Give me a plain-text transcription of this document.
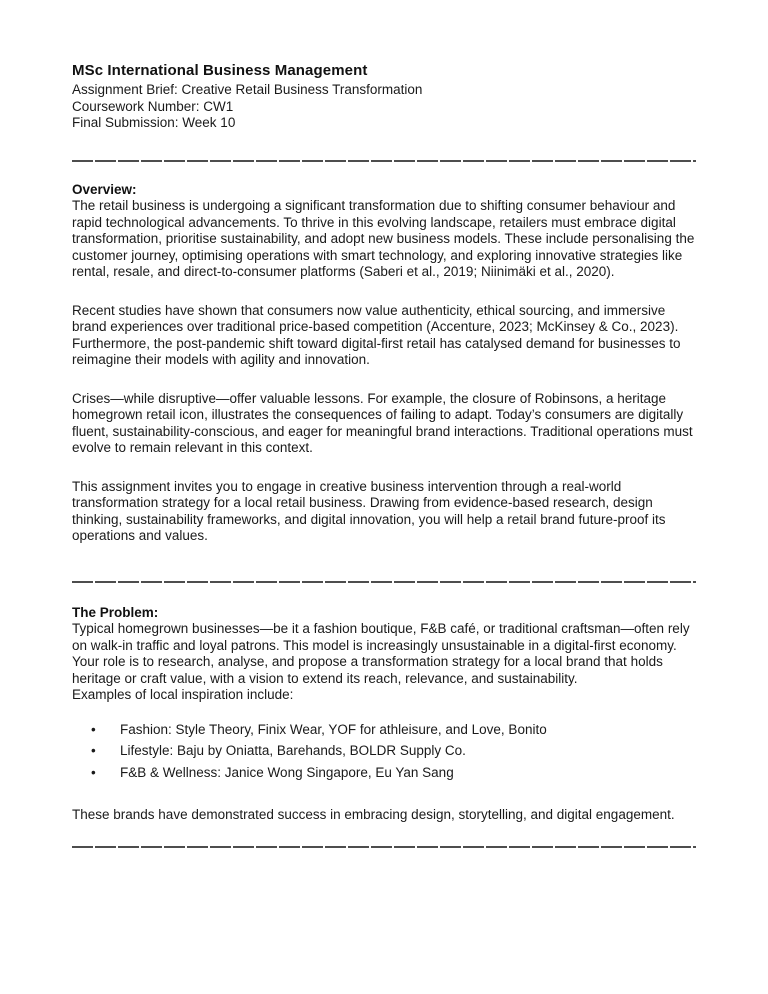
MSc International Business Management

Assignment Brief: Creative Retail Business Transformation

Coursework Number: CW1

Final Submission: Week 10

Overview:

The retail business is undergoing a significant transformation due to shifting consumer behaviour and rapid technological advancements. To thrive in this evolving landscape, retailers must embrace digital transformation, prioritise sustainability, and adopt new business models. These include personalising the customer journey, optimising operations with smart technology, and exploring innovative strategies like rental, resale, and direct-to-consumer platforms (Saberi et al., 2019; Niinimäki et al., 2020).

Recent studies have shown that consumers now value authenticity, ethical sourcing, and immersive brand experiences over traditional price-based competition (Accenture, 2023; McKinsey & Co., 2023). Furthermore, the post-pandemic shift toward digital-first retail has catalysed demand for businesses to reimagine their models with agility and innovation.

Crises—while disruptive—offer valuable lessons. For example, the closure of Robinsons, a heritage homegrown retail icon, illustrates the consequences of failing to adapt. Today’s consumers are digitally fluent, sustainability-conscious, and eager for meaningful brand interactions. Traditional operations must evolve to remain relevant in this context.

This assignment invites you to engage in creative business intervention through a real-world transformation strategy for a local retail business. Drawing from evidence-based research, design thinking, sustainability frameworks, and digital innovation, you will help a retail brand future-proof its operations and values.

The Problem:

Typical homegrown businesses—be it a fashion boutique, F&B café, or traditional craftsman—often rely on walk-in traffic and loyal patrons. This model is increasingly unsustainable in a digital-first economy. Your role is to research, analyse, and propose a transformation strategy for a local brand that holds heritage or craft value, with a vision to extend its reach, relevance, and sustainability.

Examples of local inspiration include:

•	Fashion: Style Theory, Finix Wear, YOF for athleisure, and Love, Bonito
•	Lifestyle: Baju by Oniatta, Barehands, BOLDR Supply Co.
•	F&B & Wellness: Janice Wong Singapore, Eu Yan Sang

These brands have demonstrated success in embracing design, storytelling, and digital engagement.
